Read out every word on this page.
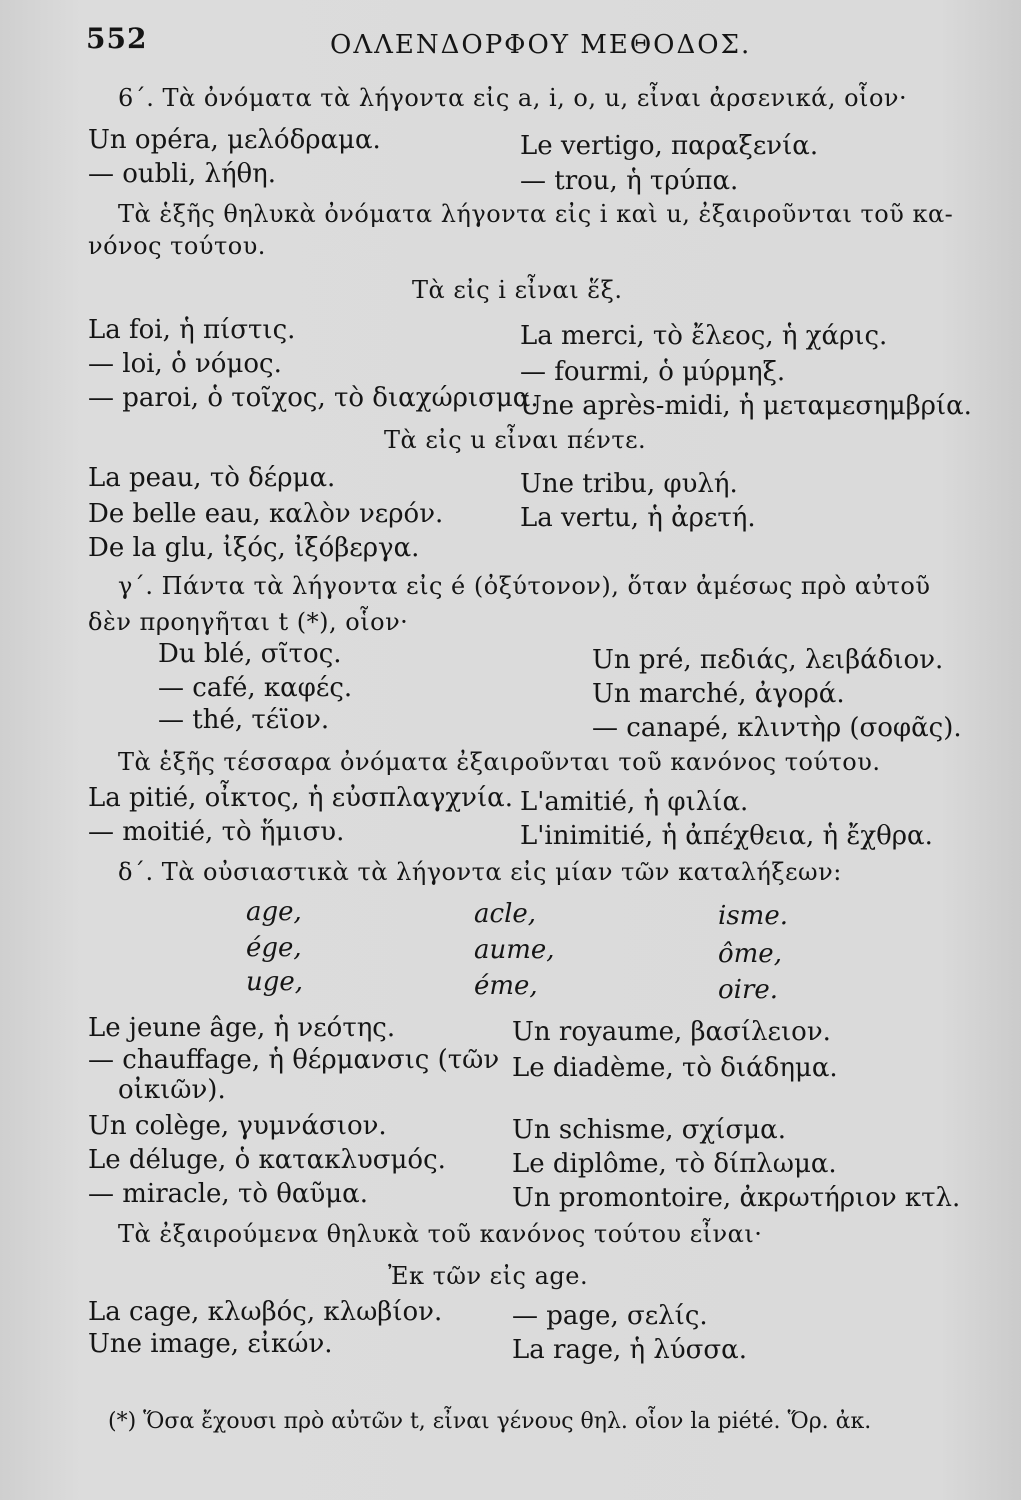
552	ΟΛΛΕΝΔΟΡΦΟΥ ΜΕΘΟΔΟΣ.
6΄. Τὰ ὀνόματα τὰ λήγοντα εἰς a, i, o, u, εἶναι ἀρσενικά, οἷον·
Un opéra, μελόδραμα.
— oubli, λήθη.
Le vertigo, παραξενία.
— trou, ἡ τρύπα.
Τὰ ἑξῆς θηλυκὰ ὀνόματα λήγοντα εἰς i καὶ u, ἐξαιροῦνται τοῦ κα-
νόνος τούτου.
Τὰ εἰς i εἶναι ἕξ.
La foi, ἡ πίστις.
— loi, ὁ νόμος.
— paroi, ὁ τοῖχος, τὸ διαχώρισμα.
La merci, τὸ ἔλεος, ἡ χάρις.
— fourmi, ὁ μύρμηξ.
Une après-midi, ἡ μεταμεσημβρία.
Τὰ εἰς u εἶναι πέντε.
La peau, τὸ δέρμα.
De belle eau, καλὸν νερόν.
De la glu, ἰξός, ἰξόβεργα.
Une tribu, φυλή.
La vertu, ἡ ἀρετή.
γ΄. Πάντα τὰ λήγοντα εἰς é (ὀξύτονον), ὅταν ἀμέσως πρὸ αὐτοῦ
δὲν προηγῆται t (*), οἷον·
Du blé, σῖτος.
— café, καφές.
— thé, τέϊον.
Un pré, πεδιάς, λειβάδιον.
Un marché, ἀγορά.
— canapé, κλιντὴρ (σοφᾶς).
Τὰ ἑξῆς τέσσαρα ὀνόματα ἐξαιροῦνται τοῦ κανόνος τούτου.
La pitié, οἶκτος, ἡ εὐσπλαγχνία.
— moitié, τὸ ἥμισυ.
L'amitié, ἡ φιλία.
L'inimitié, ἡ ἀπέχθεια, ἡ ἔχθρα.
δ΄. Τὰ οὐσιαστικὰ τὰ λήγοντα εἰς μίαν τῶν καταλήξεων:
age,	acle,	isme.
ége,	aume,	ôme,
uge,	éme,	oire.
Le jeune âge, ἡ νεότης.
— chauffage, ἡ θέρμανσις (τῶν
οἰκιῶν).
Un colège, γυμνάσιον.
Le déluge, ὁ κατακλυσμός.
— miracle, τὸ θαῦμα.
Un royaume, βασίλειον.
Le diadème, τὸ διάδημα.
Un schisme, σχίσμα.
Le diplôme, τὸ δίπλωμα.
Un promontoire, ἀκρωτήριον κτλ.
Τὰ ἐξαιρούμενα θηλυκὰ τοῦ κανόνος τούτου εἶναι·
Ἐκ τῶν εἰς age.
La cage, κλωβός, κλωβίον.
Une image, εἰκών.
— page, σελίς.
La rage, ἡ λύσσα.
(*) Ὅσα ἔχουσι πρὸ αὐτῶν t, εἶναι γένους θηλ. οἷον la piété. Ὅρ. ἀκ.
